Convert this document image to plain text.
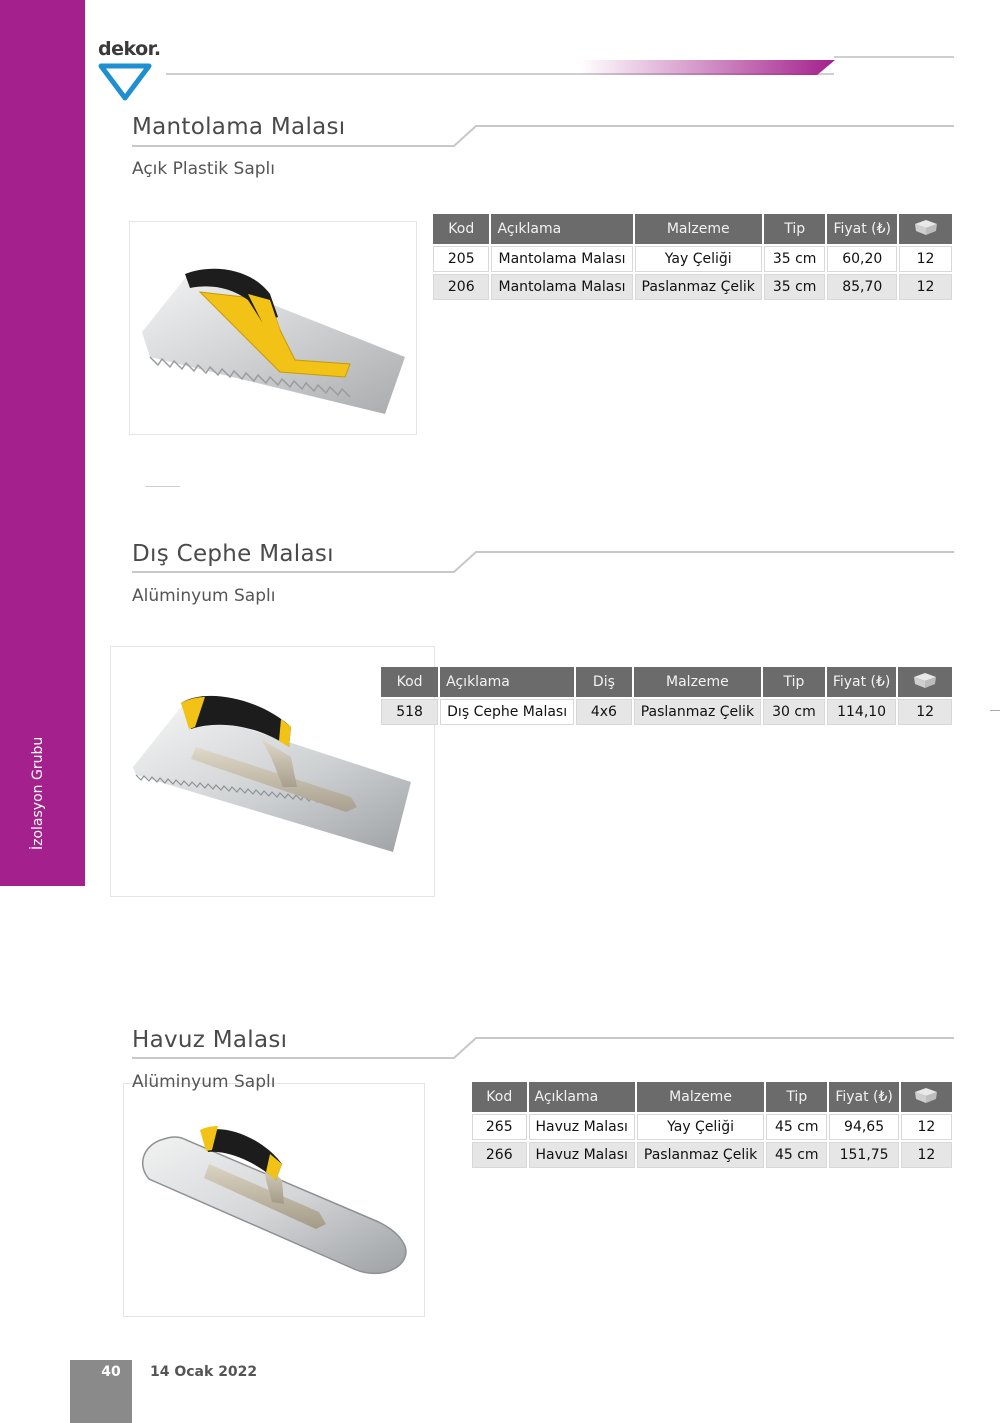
dekor.
Mantolama Malası
Açık Plastik Saplı
Kod	Açıklama	Malzeme	Tip	Fiyat (₺)	
205	Mantolama Malası	Yay Çeliği	35 cm	60,20	12
206	Mantolama Malası	Paslanmaz Çelik	35 cm	85,70	12
Dış Cephe Malası
Alüminyum Saplı
Kod	Açıklama	Diş	Malzeme	Tip	Fiyat (₺)	
518	Dış Cephe Malası	4x6	Paslanmaz Çelik	30 cm	114,10	12
Havuz Malası
Alüminyum Saplı
Kod	Açıklama	Malzeme	Tip	Fiyat (₺)	
265	Havuz Malası	Yay Çeliği	45 cm	94,65	12
266	Havuz Malası	Paslanmaz Çelik	45 cm	151,75	12
40	14 Ocak 2022
